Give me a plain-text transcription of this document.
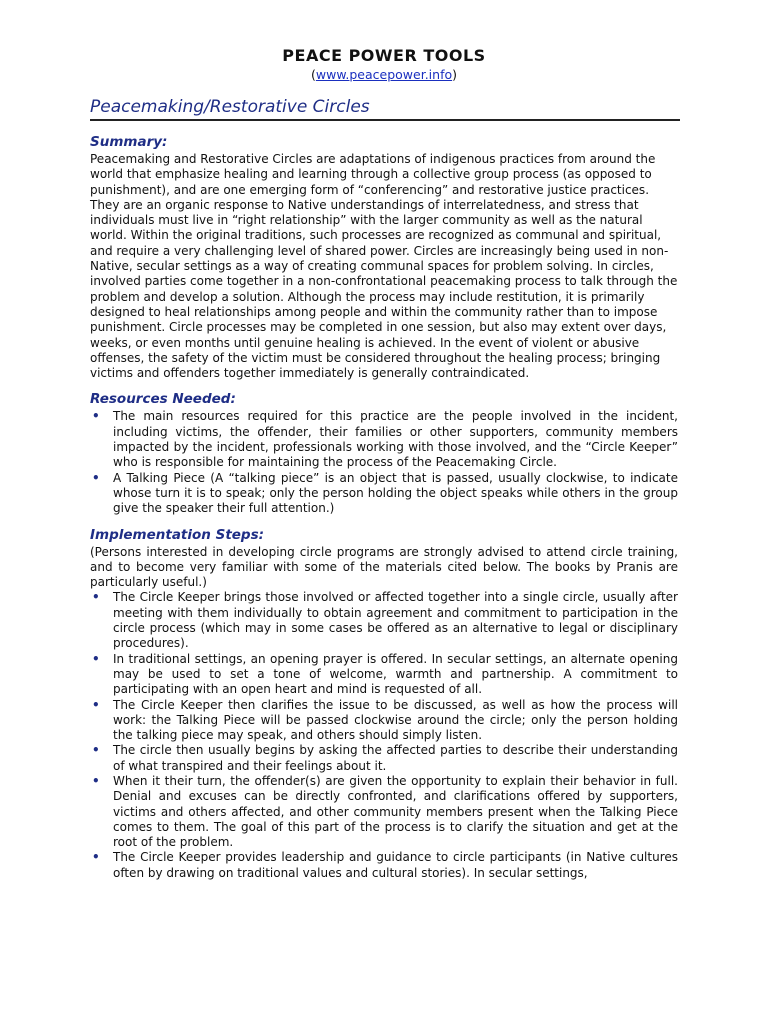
PEACE POWER TOOLS
(www.peacepower.info)
Peacemaking/Restorative Circles
Summary:

Peacemaking and Restorative Circles are adaptations of indigenous practices from around the world that emphasize healing and learning through a collective group process (as opposed to punishment), and are one emerging form of “conferencing” and restorative justice practices. They are an organic response to Native understandings of interrelatedness, and stress that individuals must live in “right relationship” with the larger community as well as the natural world. Within the original traditions, such processes are recognized as communal and spiritual, and require a very challenging level of shared power. Circles are increasingly being used in non-Native, secular settings as a way of creating communal spaces for problem solving. In circles, involved parties come together in a non-confrontational peacemaking process to talk through the problem and develop a solution. Although the process may include restitution, it is primarily designed to heal relationships among people and within the community rather than to impose punishment. Circle processes may be completed in one session, but also may extent over days, weeks, or even months until genuine healing is achieved. In the event of violent or abusive offenses, the safety of the victim must be considered throughout the healing process; bringing victims and offenders together immediately is generally contraindicated.

Resources Needed:
• The main resources required for this practice are the people involved in the incident, including victims, the offender, their families or other supporters, community members impacted by the incident, professionals working with those involved, and the “Circle Keeper” who is responsible for maintaining the process of the Peacemaking Circle.
• A Talking Piece (A “talking piece” is an object that is passed, usually clockwise, to indicate whose turn it is to speak; only the person holding the object speaks while others in the group give the speaker their full attention.)
Implementation Steps:

(Persons interested in developing circle programs are strongly advised to attend circle training, and to become very familiar with some of the materials cited below. The books by Pranis are particularly useful.)

• The Circle Keeper brings those involved or affected together into a single circle, usually after meeting with them individually to obtain agreement and commitment to participation in the circle process (which may in some cases be offered as an alternative to legal or disciplinary procedures).
• In traditional settings, an opening prayer is offered. In secular settings, an alternate opening may be used to set a tone of welcome, warmth and partnership. A commitment to participating with an open heart and mind is requested of all.
• The Circle Keeper then clarifies the issue to be discussed, as well as how the process will work: the Talking Piece will be passed clockwise around the circle; only the person holding the talking piece may speak, and others should simply listen.
• The circle then usually begins by asking the affected parties to describe their understanding of what transpired and their feelings about it.
• When it their turn, the offender(s) are given the opportunity to explain their behavior in full. Denial and excuses can be directly confronted, and clarifications offered by supporters, victims and others affected, and other community members present when the Talking Piece comes to them. The goal of this part of the process is to clarify the situation and get at the root of the problem.
• The Circle Keeper provides leadership and guidance to circle participants (in Native cultures often by drawing on traditional values and cultural stories). In secular settings,
